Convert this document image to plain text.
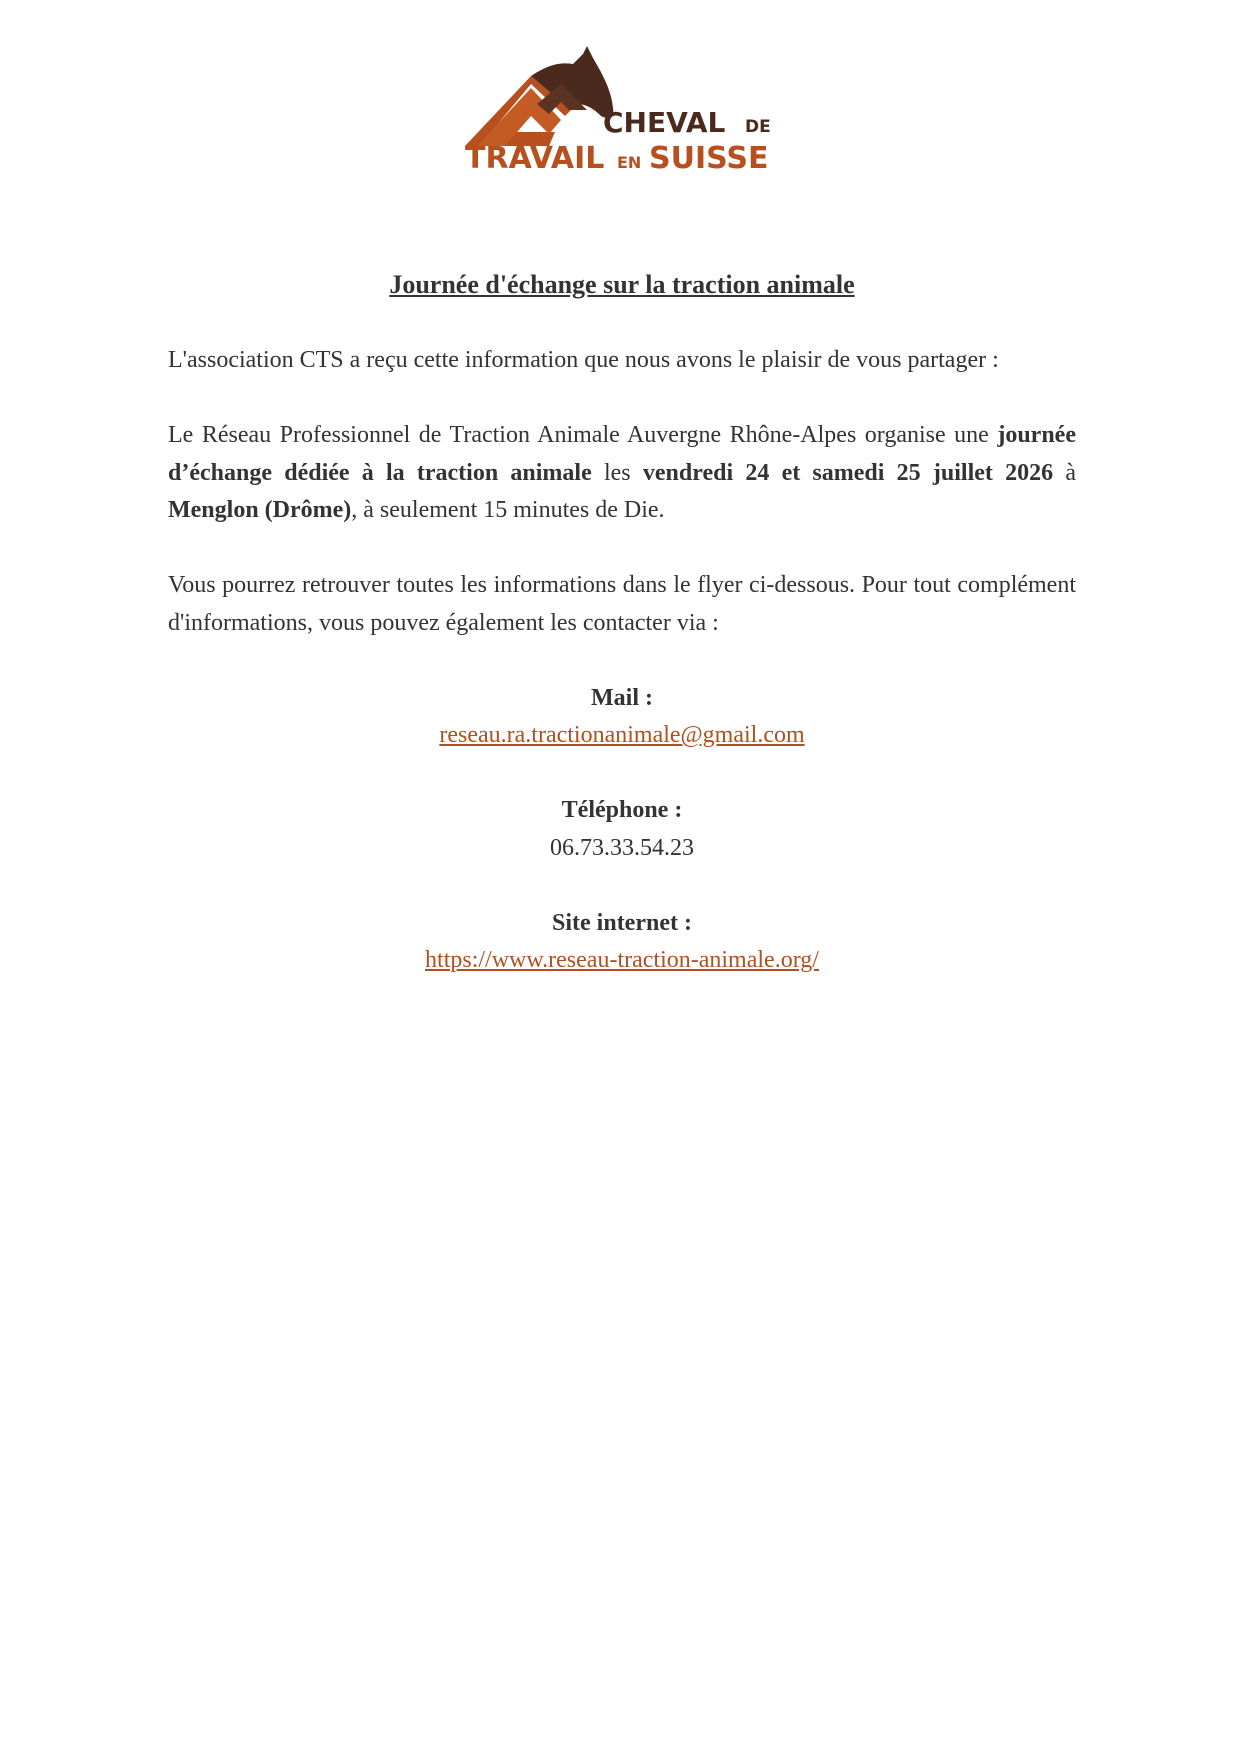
CHEVAL DE
TRAVAIL EN SUISSE
Journée d'échange sur la traction animale

L'association CTS a reçu cette information que nous avons le plaisir de vous partager :

Le Réseau Professionnel de Traction Animale Auvergne Rhône-Alpes organise une journée d’échange dédiée à la traction animale les vendredi 24 et samedi 25 juillet 2026 à Menglon (Drôme), à seulement 15 minutes de Die.

Vous pourrez retrouver toutes les informations dans le flyer ci-dessous. Pour tout complément d'informations, vous pouvez également les contacter via :

Mail :
reseau.ra.tractionanimale@gmail.com
Téléphone :
06.73.33.54.23
Site internet :
https://www.reseau-traction-animale.org/
